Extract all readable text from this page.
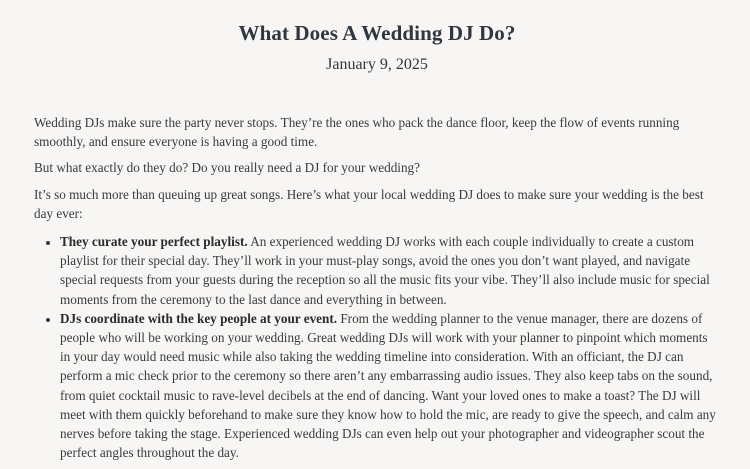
What Does A Wedding DJ Do?
January 9, 2025

Wedding DJs make sure the party never stops. They’re the ones who pack the dance floor, keep the flow of events running smoothly, and ensure everyone is having a good time.

But what exactly do they do? Do you really need a DJ for your wedding?

It’s so much more than queuing up great songs. Here’s what your local wedding DJ does to make sure your wedding is the best day ever:

• They curate your perfect playlist. An experienced wedding DJ works with each couple individually to create a custom playlist for their special day. They’ll work in your must-play songs, avoid the ones you don’t want played, and navigate special requests from your guests during the reception so all the music fits your vibe. They’ll also include music for special moments from the ceremony to the last dance and everything in between.
• DJs coordinate with the key people at your event. From the wedding planner to the venue manager, there are dozens of people who will be working on your wedding. Great wedding DJs will work with your planner to pinpoint which moments in your day would need music while also taking the wedding timeline into consideration. With an officiant, the DJ can perform a mic check prior to the ceremony so there aren’t any embarrassing audio issues. They also keep tabs on the sound, from quiet cocktail music to rave-level decibels at the end of dancing. Want your loved ones to make a toast? The DJ will meet with them quickly beforehand to make sure they know how to hold the mic, are ready to give the speech, and calm any nerves before taking the stage. Experienced wedding DJs can even help out your photographer and videographer scout the perfect angles throughout the day.
